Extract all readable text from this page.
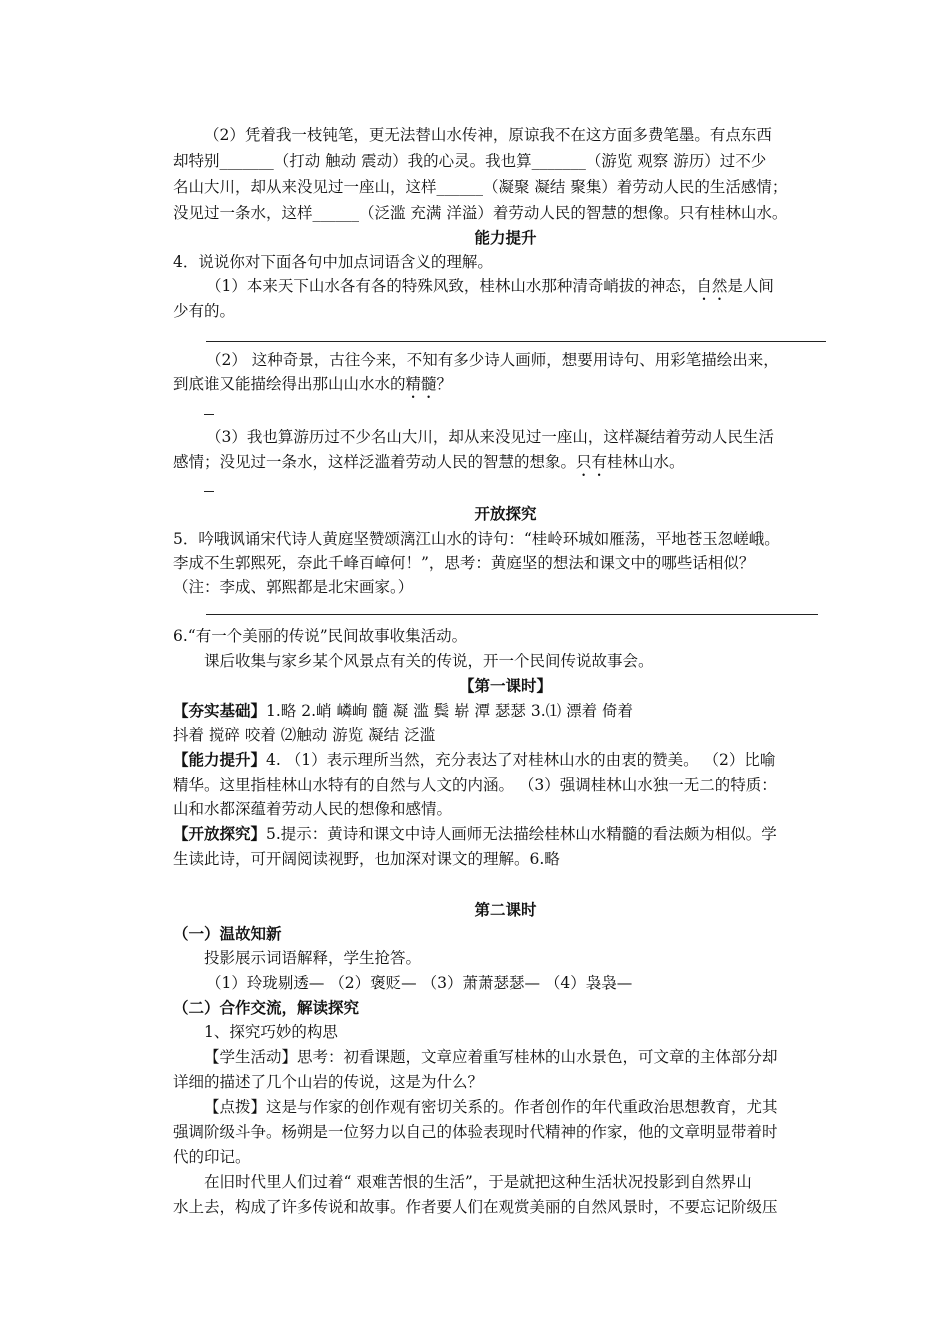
（2）凭着我一枝钝笔，更无法替山水传神，原谅我不在这方面多费笔墨。有点东西
却特别_______（打动 触动 震动）我的心灵。我也算_______（游览 观察 游历）过不少
名山大川，却从来没见过一座山，这样______（凝聚 凝结 聚集）着劳动人民的生活感情；
没见过一条水，这样______（泛滥 充满 洋溢）着劳动人民的智慧的想像。只有桂林山水。
能力提升
4．说说你对下面各句中加点词语含义的理解。
（1）本来天下山水各有各的特殊风致，桂林山水那种清奇峭拔的神态，自然是人间
少有的。
（2） 这种奇景，古往今来，不知有多少诗人画师，想要用诗句、用彩笔描绘出来，
到底谁又能描绘得出那山山水水的精髓？
（3）我也算游历过不少名山大川，却从来没见过一座山，这样凝结着劳动人民生活
感情；没见过一条水，这样泛滥着劳动人民的智慧的想象。只有桂林山水。
开放探究
5．吟哦讽诵宋代诗人黄庭坚赞颂漓江山水的诗句：“桂岭环城如雁荡，平地苍玉忽嵯峨。
李成不生郭熙死，奈此千峰百嶂何！”，思考：黄庭坚的想法和课文中的哪些话相似？
（注：李成、郭熙都是北宋画家。）
6.“有一个美丽的传说”民间故事收集活动。
课后收集与家乡某个风景点有关的传说，开一个民间传说故事会。
【第一课时】
【夯实基础】1.略 2.峭 嶙峋 髓 凝 滥 鬓 崭 潭 瑟瑟 3.⑴ 漂着 倚着
抖着 搅碎 咬着 ⑵触动 游览 凝结 泛滥
【能力提升】4. （1）表示理所当然，充分表达了对桂林山水的由衷的赞美。 （2）比喻
精华。这里指桂林山水特有的自然与人文的内涵。 （3）强调桂林山水独一无二的特质：
山和水都深蕴着劳动人民的想像和感情。
【开放探究】5.提示：黄诗和课文中诗人画师无法描绘桂林山水精髓的看法颇为相似。学
生读此诗，可开阔阅读视野，也加深对课文的理解。6.略
第二课时
（一）温故知新
投影展示词语解释，学生抢答。
（1）玲珑剔透— （2）褒贬— （3）萧萧瑟瑟— （4）袅袅—
（二）合作交流，解读探究
1、探究巧妙的构思
【学生活动】思考：初看课题，文章应着重写桂林的山水景色，可文章的主体部分却
详细的描述了几个山岩的传说，这是为什么？
【点拨】这是与作家的创作观有密切关系的。作者创作的年代重政治思想教育，尤其
强调阶级斗争。杨朔是一位努力以自己的体验表现时代精神的作家，他的文章明显带着时
代的印记。
在旧时代里人们过着“ 艰难苦恨的生活”，于是就把这种生活状况投影到自然界山
水上去，构成了许多传说和故事。作者要人们在观赏美丽的自然风景时，不要忘记阶级压
